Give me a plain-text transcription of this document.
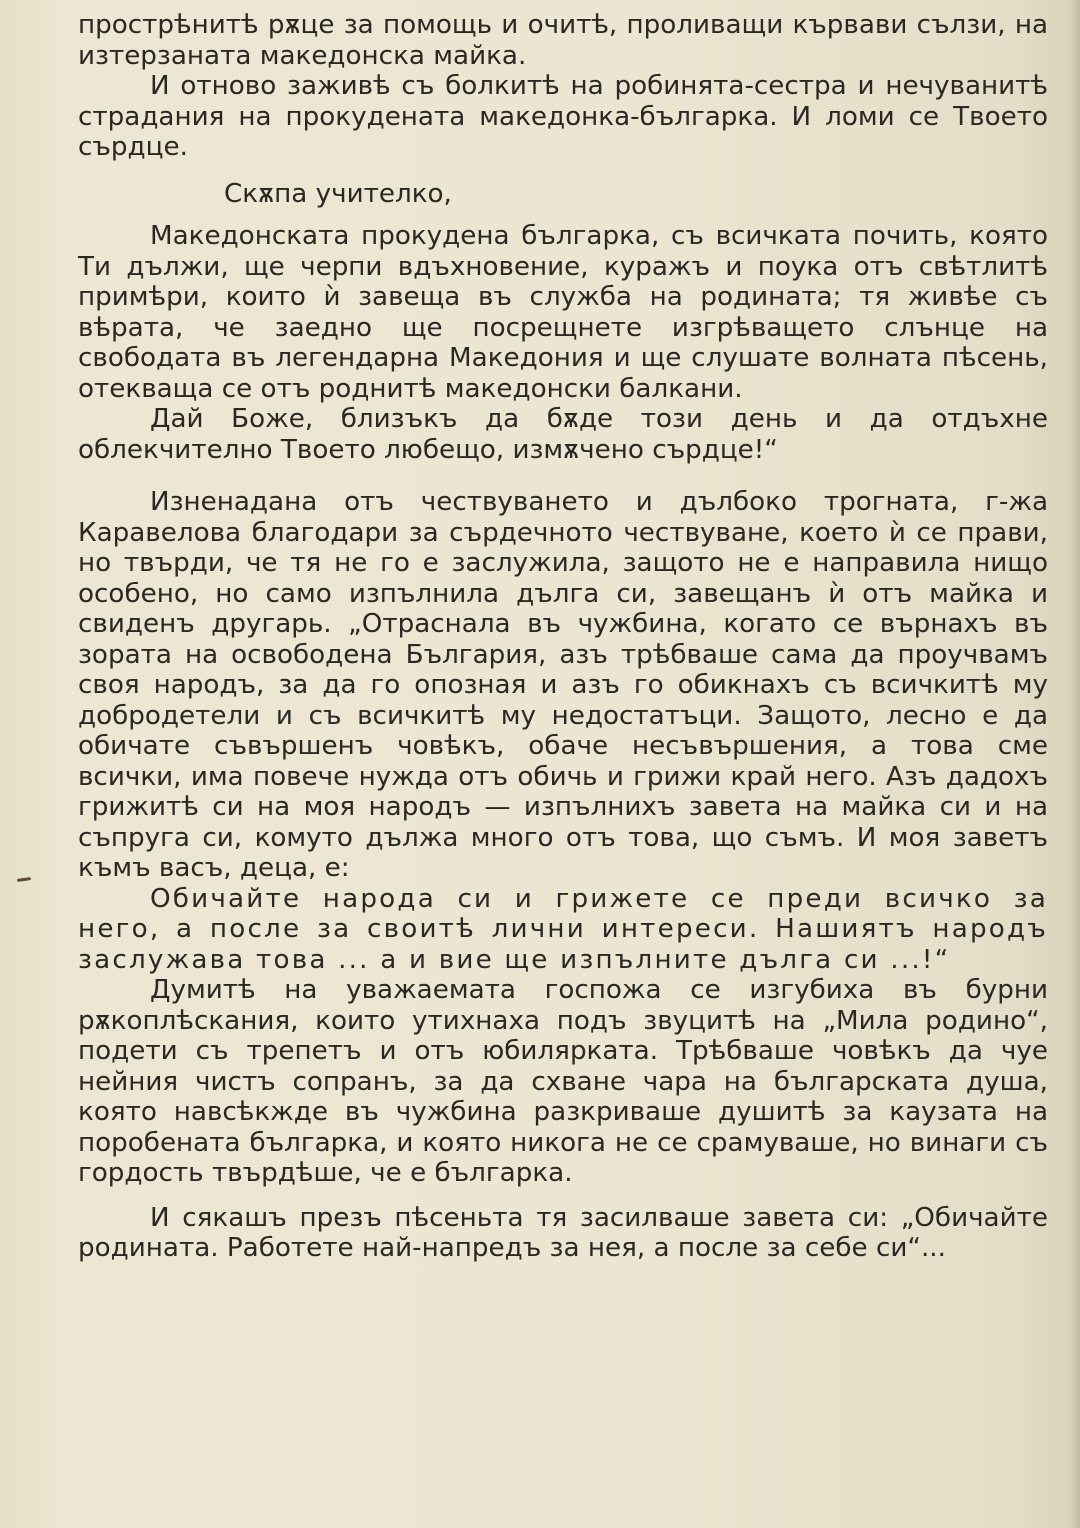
прострѣнитѣ рѫце за помощь и очитѣ, проливащи кървави сълзи, на изтерзаната македонска майка.

И отново заживѣ съ болкитѣ на робинята-сестра и нечуванитѣ страдания на прокудената македонка-българка. И ломи се Твоето сърдце.

Скѫпа учителко,

Македонската прокудена българка, съ всичката почить, която Ти дължи, ще черпи вдъхновение, куражъ и поука отъ свѣтлитѣ примѣри, които ѝ завеща въ служба на родината; тя живѣе съ вѣрата, че заедно ще посрещнете изгрѣващето слънце на свободата въ легендарна Македония и ще слушате волната пѣсень, отекваща се отъ роднитѣ македонски балкани.

Дай Боже, близъкъ да бѫде този день и да отдъхне облекчително Твоето любещо, измѫчено сърдце!“

Изненадана отъ чествуването и дълбоко трогната, г-жа Каравелова благодари за сърдечното чествуване, което ѝ се прави, но твърди, че тя не го е заслужила, защото не е направила нищо особено, но само изпълнила дълга си, завещанъ ѝ отъ майка и свиденъ другарь. „Отраснала въ чужбина, когато се върнахъ въ зората на освободена България, азъ трѣбваше сама да проучвамъ своя народъ, за да го опозная и азъ го обикнахъ съ всичкитѣ му добродетели и съ всичкитѣ му недостатъци. Защото, лесно е да обичате съвършенъ човѣкъ, обаче несъвършения, а това сме всички, има повече нужда отъ обичь и грижи край него. Азъ дадохъ грижитѣ си на моя народъ — изпълнихъ завета на майка си и на съпруга си, комуто дължа много отъ това, що съмъ. И моя заветъ къмъ васъ, деца, е:

Обичайте народа си и грижете се преди всичко за него, а после за своитѣ лични интереси. Нашиятъ народъ заслужава това ... а и вие ще изпълните дълга си ...!“

Думитѣ на уважаемата госпожа се изгубиха въ бурни рѫкоплѣскания, които утихнаха подъ звуцитѣ на „Мила родино“, подети съ трепетъ и отъ юбилярката. Трѣбваше човѣкъ да чуе нейния чистъ сопранъ, за да схване чара на българската душа, която навсѣкжде въ чужбина разкриваше душитѣ за каузата на поробената българка, и която никога не се срамуваше, но винаги съ гордость твърдѣше, че е българка.

И сякашъ презъ пѣсеньта тя засилваше завета си: „Обичайте родината. Работете най-напредъ за нея, а после за себе си“...
